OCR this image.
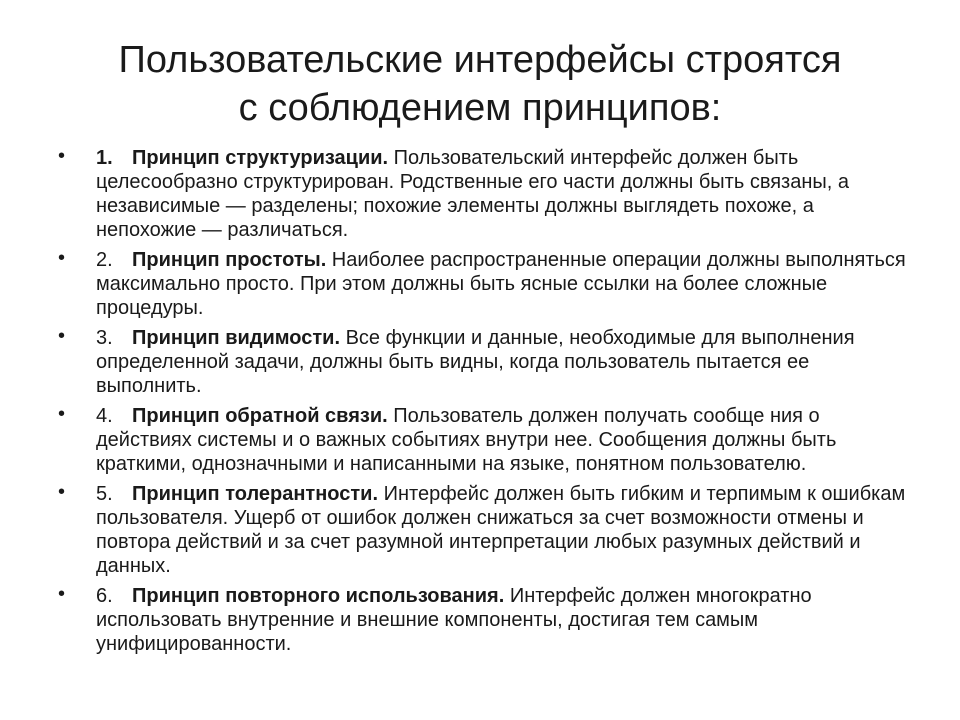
Пользовательские интерфейсы строятся
с соблюдением принципов:
• 1. Принцип структуризации. Пользовательский интерфейс должен быть целесообразно структурирован. Родственные его части должны быть связаны, а независимые — разделены; похожие элементы должны выглядеть похоже, а непохожие — различаться.
• 2. Принцип простоты. Наиболее распространенные операции должны выполняться максимально просто. При этом должны быть ясные ссылки на более сложные процедуры.
• 3. Принцип видимости. Все функции и данные, необходимые для выполнения определенной задачи, должны быть видны, когда пользователь пытается ее выполнить.
• 4. Принцип обратной связи. Пользователь должен получать сообще ния о действиях системы и о важных событиях внутри нее. Сообщения должны быть краткими, однозначными и написанными на языке, понятном пользователю.
• 5. Принцип толерантности. Интерфейс должен быть гибким и терпимым к ошибкам пользователя. Ущерб от ошибок должен снижаться за счет возможности отмены и повтора действий и за счет разумной интерпретации любых разумных действий и данных.
• 6. Принцип повторного использования. Интерфейс должен многократно использовать внутренние и внешние компоненты, достигая тем самым унифицированности.
